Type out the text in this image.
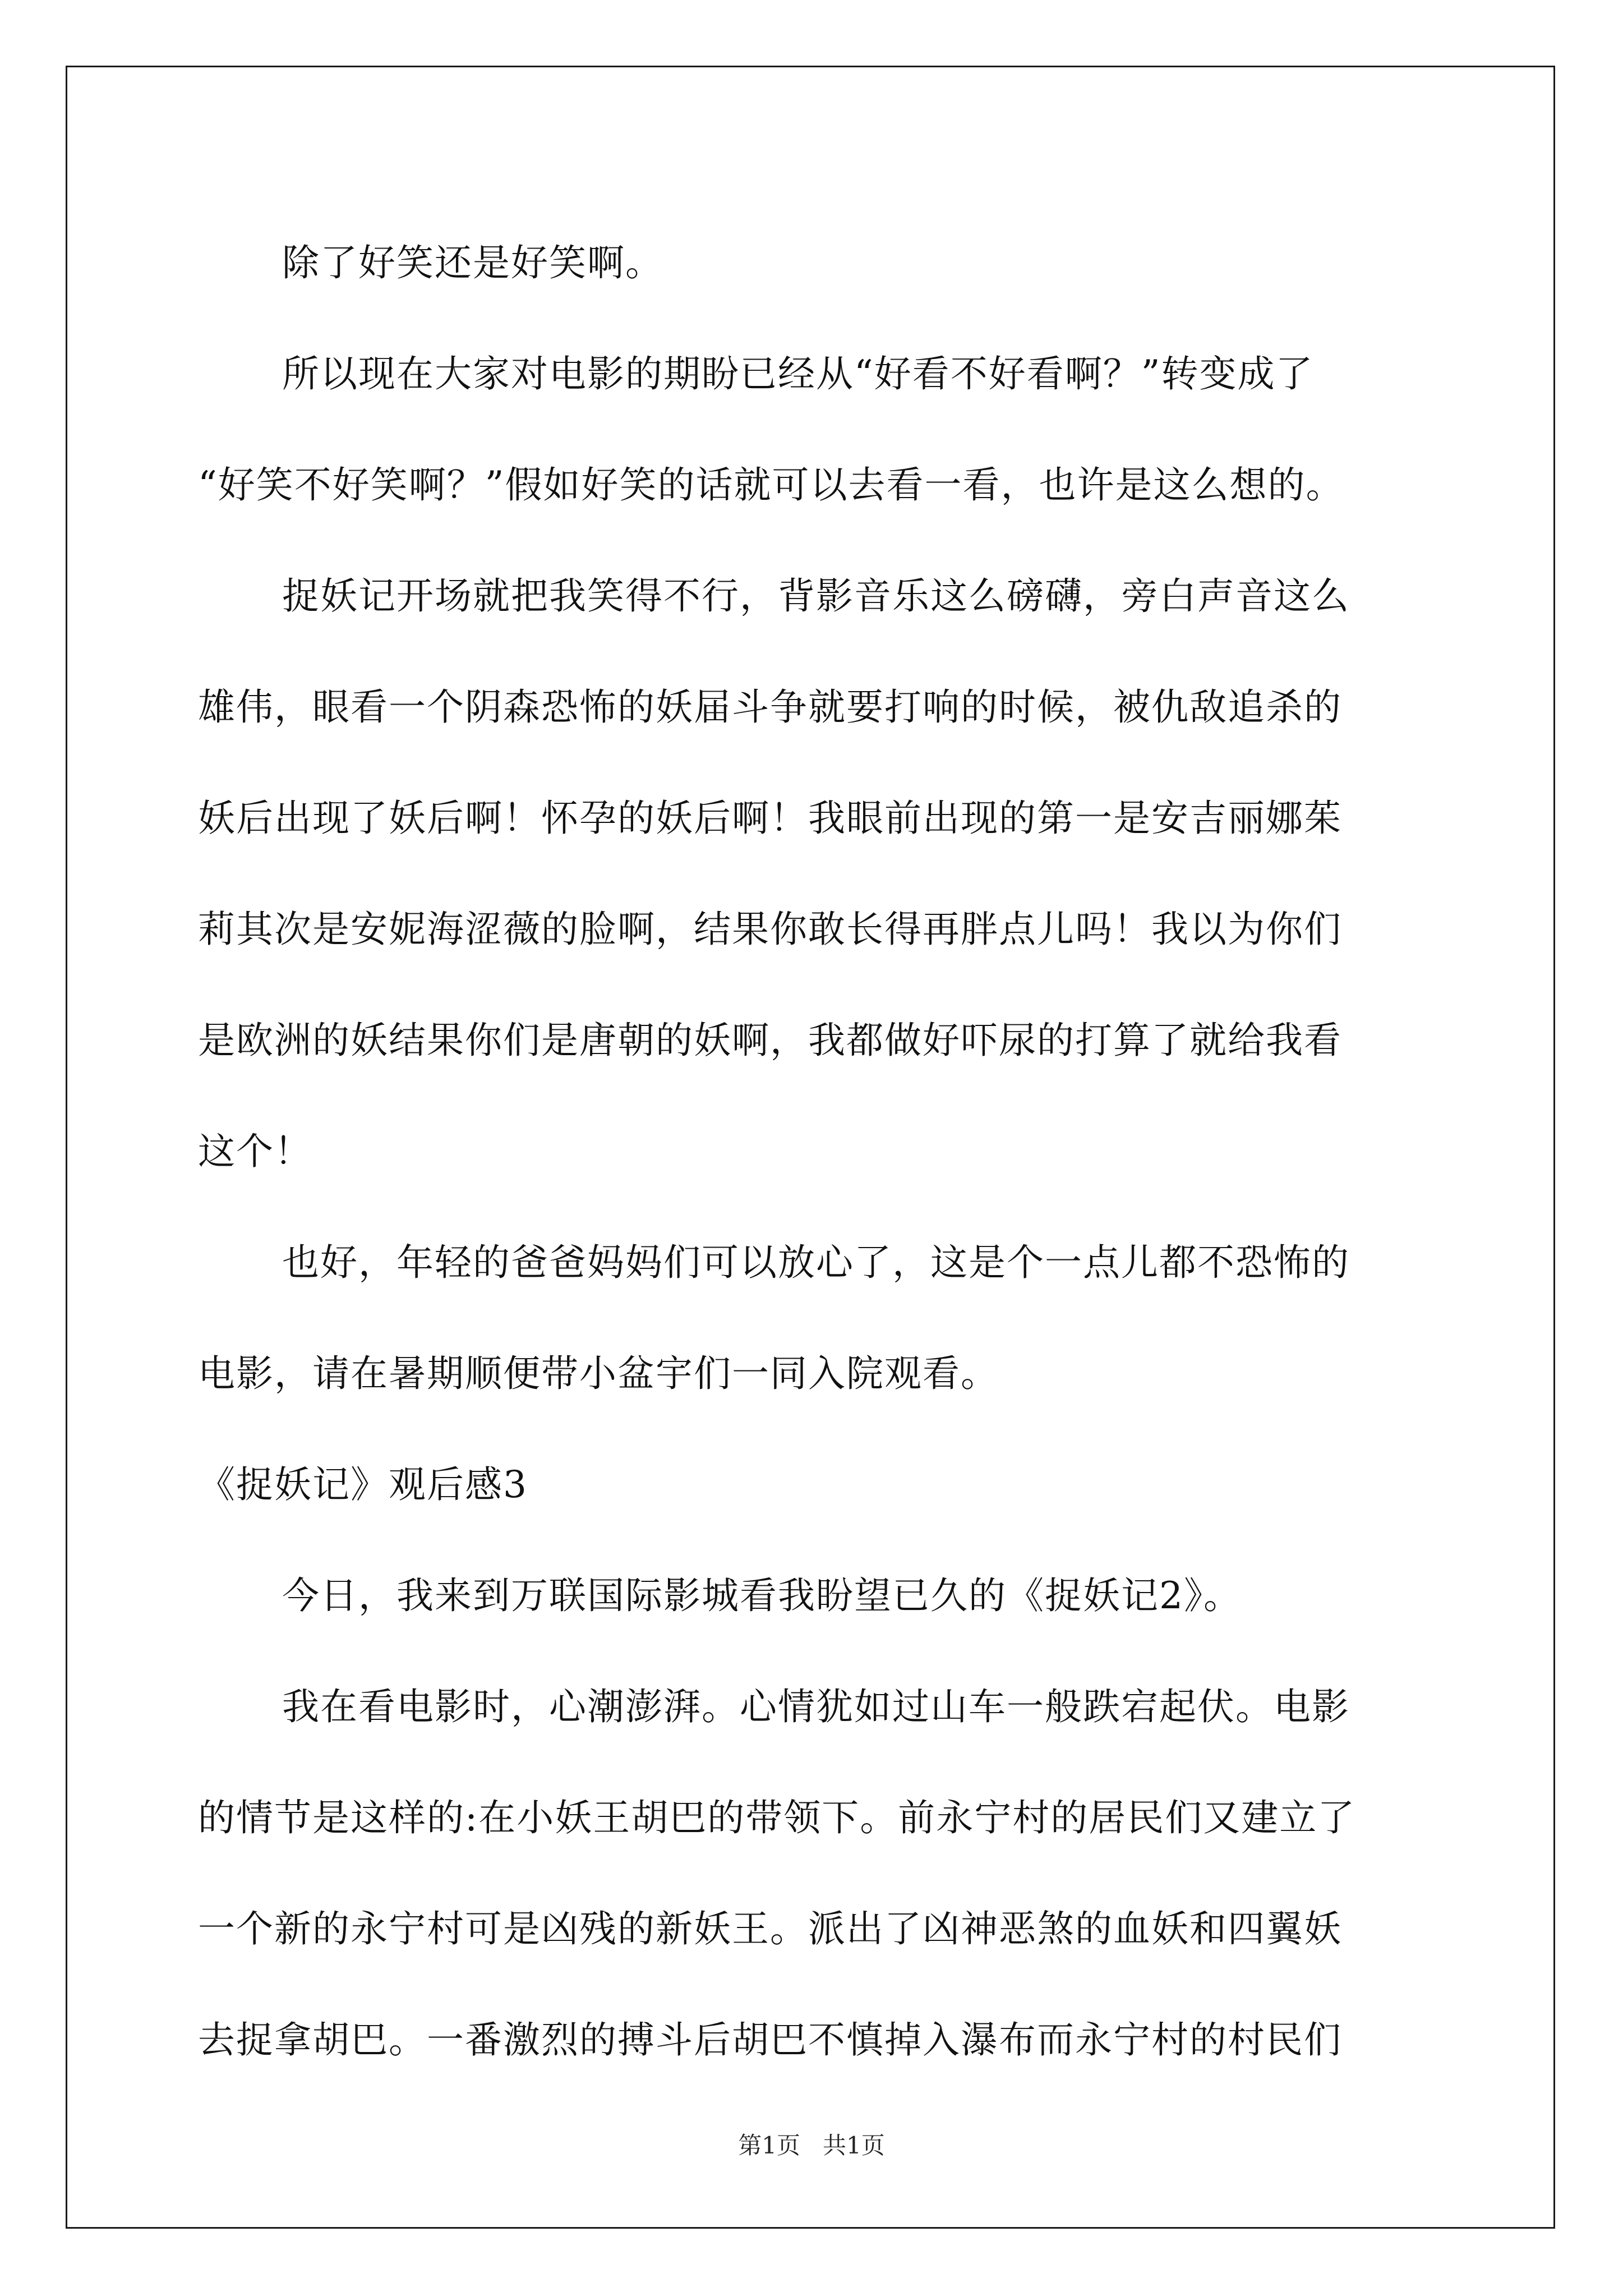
除了好笑还是好笑啊。

所以现在大家对电影的期盼已经从“好看不好看啊？”转变成了

“好笑不好笑啊？”假如好笑的话就可以去看一看，也许是这么想的。

捉妖记开场就把我笑得不行，背影音乐这么磅礴，旁白声音这么

雄伟，眼看一个阴森恐怖的妖届斗争就要打响的时候，被仇敌追杀的

妖后出现了妖后啊！怀孕的妖后啊！我眼前出现的第一是安吉丽娜茱

莉其次是安妮海涩薇的脸啊，结果你敢长得再胖点儿吗！我以为你们

是欧洲的妖结果你们是唐朝的妖啊，我都做好吓尿的打算了就给我看

这个！

也好，年轻的爸爸妈妈们可以放心了，这是个一点儿都不恐怖的

电影，请在暑期顺便带小盆宇们一同入院观看。

《捉妖记》观后感3

今日，我来到万联国际影城看我盼望已久的《捉妖记2》。

我在看电影时，心潮澎湃。心情犹如过山车一般跌宕起伏。电影

的情节是这样的:在小妖王胡巴的带领下。前永宁村的居民们又建立了

一个新的永宁村可是凶残的新妖王。派出了凶神恶煞的血妖和四翼妖

去捉拿胡巴。一番激烈的搏斗后胡巴不慎掉入瀑布而永宁村的村民们

第1页 共1页
